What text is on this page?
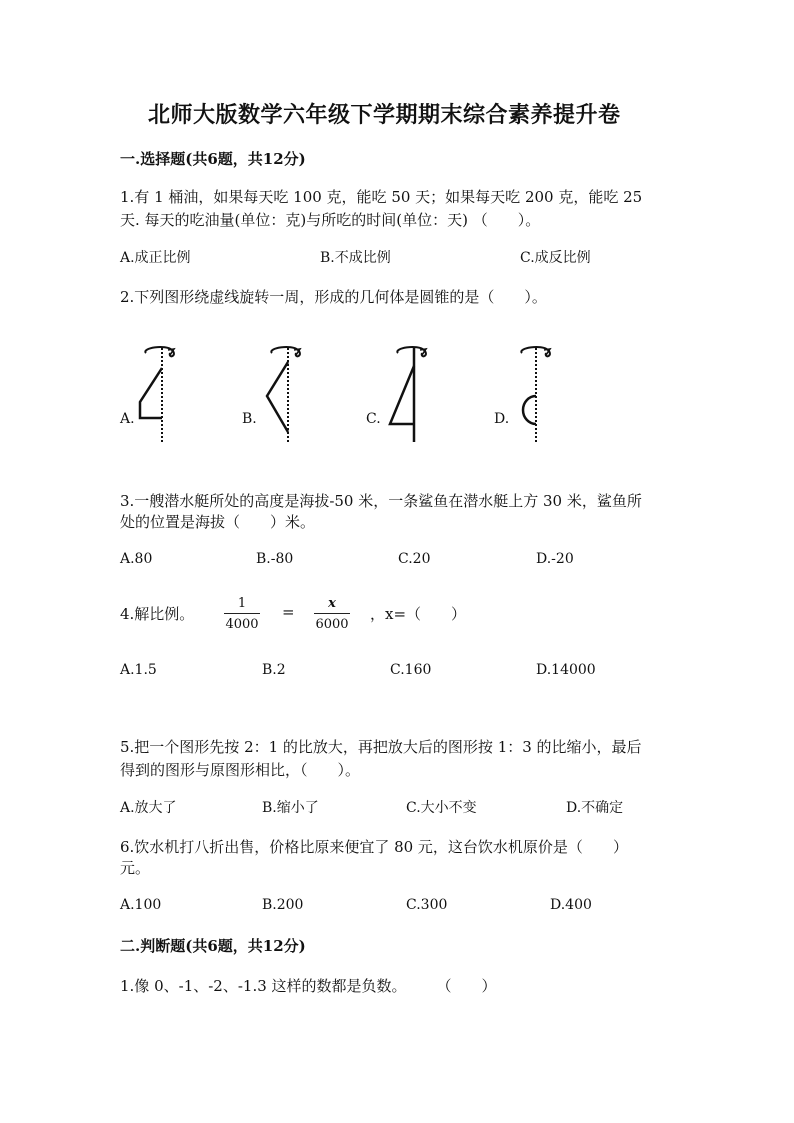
北师大版数学六年级下学期期末综合素养提升卷
一.选择题(共6题，共12分)
1.有 1 桶油，如果每天吃 100 克，能吃 50 天；如果每天吃 200 克，能吃 25
天. 每天的吃油量(单位：克)与所吃的时间(单位：天) （　　）。
A.成正比例	B.不成比例	C.成反比例
2.下列图形绕虚线旋转一周，形成的几何体是圆锥的是（　　）。
A.	B.	C.	D.
3.一艘潜水艇所处的高度是海拔-50 米，一条鲨鱼在潜水艇上方 30 米，鲨鱼所
处的位置是海拔（　　）米。
A.80	B.-80	C.20	D.-20
4.解比例。
1
4000
=	x
6000
，x=（　　）
A.1.5	B.2	C.160	D.14000
5.把一个图形先按 2：1 的比放大，再把放大后的图形按 1：3 的比缩小，最后
得到的图形与原图形相比，（　　）。
A.放大了	B.缩小了	C.大小不变	D.不确定
6.饮水机打八折出售，价格比原来便宜了 80 元，这台饮水机原价是（　　）
元。
A.100	B.200	C.300	D.400
二.判断题(共6题，共12分)
1.像 0、-1、-2、-1.3 这样的数都是负数。　　　（　　）
